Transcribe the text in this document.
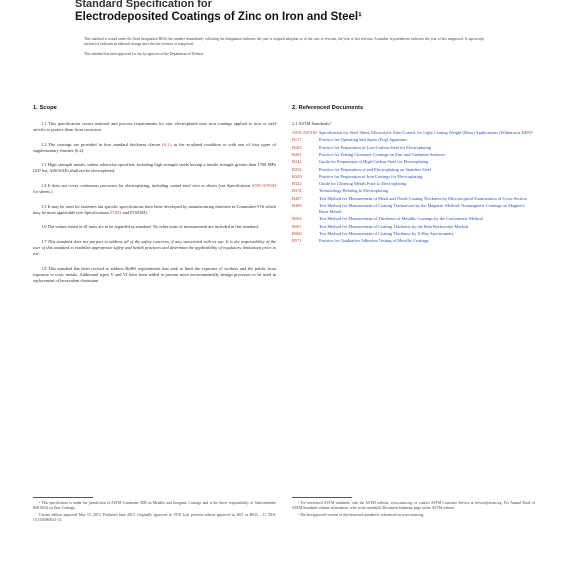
Standard Specification for
Electrodeposited Coatings of Zinc on Iron and Steel¹

This standard is issued under the fixed designation B633; the number immediately following the designation indicates the year of original adoption or, in the case of revision, the year of last revision. A number in parentheses indicates the year of last reapproval. A superscript epsilon (ε) indicates an editorial change since the last revision or reapproval.

This standard has been approved for use by agencies of the Department of Defense.

1. Scope
1.1 This specification covers material and process requirements for zinc electroplated onto iron coatings applied to iron or steel articles to protect them from corrosion.
1.2 The coatings are provided in four standard thickness classes (6.1), in the as-plated condition or with one of four types of supplementary finishes (6.2).
1.3 High strength metals, unless otherwise specified, including high strength steels having a tensile strength greater than 1700 MPa (247 ksi, AISI/SAE) shall not be electroplated.
1.4 It does not cover continuous processes for electroplating, including coated steel wire or sheets (see Specification A591/A591M for sheets.)
1.5 It may be used for fasteners but specific specifications have been developed by manufacturing fasteners in Committee F16 which may be more applicable (see Specifications F1941 and F1941M).
1.6 The values stated in SI units are to be regarded as standard. No other units of measurement are included in this standard.
1.7 This standard does not purport to address all of the safety concerns, if any, associated with its use. It is the responsibility of the user of this standard to establish appropriate safety and health practices and determine the applicability of regulatory limitations prior to use.
1.8 This standard has been revised to address RoHS requirements that seek to limit the exposure of workers and the public from exposure to toxic metals. Additional types V and VI have been added to present more environmentally benign processes to be used in replacement of hexavalent chromium.
2. Referenced Documents
2.1 ASTM Standards:²
A591/A591M Specification for Steel Sheet, Electrolytic Zinc-Coated, for Light Coating Weight (Mass) Applications (Withdrawn 2005)³
B117	Practice for Operating Salt Spray (Fog) Apparatus
B183	Practice for Preparation of Low-Carbon Steel for Electroplating
B201	Practice for Testing Chromate Coatings on Zinc and Cadmium Surfaces
B242	Guide for Preparation of High-Carbon Steel for Electroplating
B254	Practice for Preparation of and Electroplating on Stainless Steel
B320	Practice for Preparation of Iron Castings for Electroplating
B322	Guide for Cleaning Metals Prior to Electroplating
B374	Terminology Relating to Electroplating
B487	Test Method for Measurement of Metal and Oxide Coating Thickness by Microscopical Examination of Cross Section
B499	Test Method for Measurement of Coating Thicknesses by the Magnetic Method: Nonmagnetic Coatings on Magnetic Basis Metals
B504	Test Method for Measurement of Thickness of Metallic Coatings by the Coulometric Method
B567	Test Method for Measurement of Coating Thickness by the Beta Backscatter Method
B568	Test Method for Measurement of Coating Thickness by X-Ray Spectrometry
B571	Practice for Qualitative Adhesion Testing of Metallic Coatings

¹ This specification is under the jurisdiction of ASTM Committee B08 on Metallic and Inorganic Coatings and is the direct responsibility of Subcommittee B08.08.02 on Zinc Coatings.

Current edition approved May 15, 2013. Published June 2013. Originally approved in 1978. Last previous edition approved in 2011 as B633 – 11. DOI: 10.1520/B0633-13.

² For referenced ASTM standards, visit the ASTM website, www.astm.org, or contact ASTM Customer Service at service@astm.org. For Annual Book of ASTM Standards volume information, refer to the standard's Document Summary page on the ASTM website.

³ The last approved version of this historical standard is referenced on www.astm.org.
